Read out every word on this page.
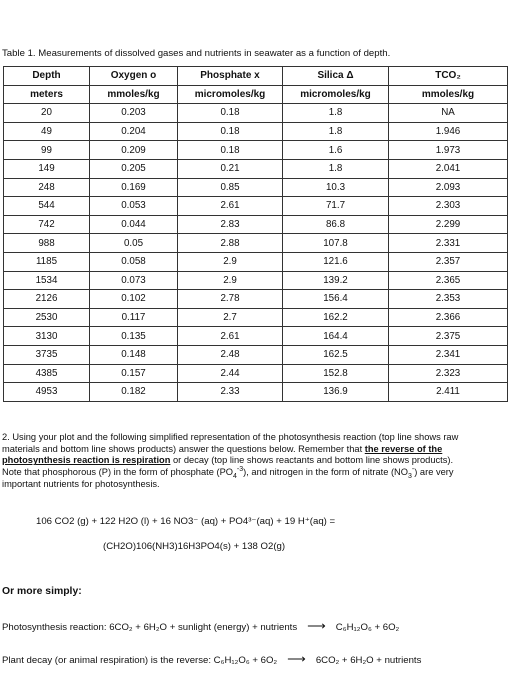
Table 1. Measurements of dissolved gases and nutrients in seawater as a function of depth.
Depth	Oxygen o	Phosphate x	Silica Δ	TCO₂
meters	mmoles/kg	micromoles/kg	micromoles/kg	mmoles/kg
20	0.203	0.18	1.8	NA
49	0.204	0.18	1.8	1.946
99	0.209	0.18	1.6	1.973
149	0.205	0.21	1.8	2.041
248	0.169	0.85	10.3	2.093
544	0.053	2.61	71.7	2.303
742	0.044	2.83	86.8	2.299
988	0.05	2.88	107.8	2.331
1185	0.058	2.9	121.6	2.357
1534	0.073	2.9	139.2	2.365
2126	0.102	2.78	156.4	2.353
2530	0.117	2.7	162.2	2.366
3130	0.135	2.61	164.4	2.375
3735	0.148	2.48	162.5	2.341
4385	0.157	2.44	152.8	2.323
4953	0.182	2.33	136.9	2.411
2. Using your plot and the following simplified representation of the photosynthesis reaction (top line shows raw materials and bottom line shows products) answer the questions below. Remember that the reverse of the photosynthesis reaction is respiration or decay (top line shows reactants and bottom line shows products). Note that phosphorous (P) in the form of phosphate $(PO_4^{-3})$, and nitrogen in the form of nitrate $(NO_3^-)$ are very important nutrients for photosynthesis.
106 CO2 (g) + 122 H2O (l) + 16 NO3⁻ (aq) + PO4³⁻(aq) + 19 H⁺(aq) =
(CH2O)106(NH3)16H3PO4(s) + 138 O2(g)
Or more simply:
Photosynthesis reaction: 6CO₂ + 6H₂O + sunlight (energy) + nutrients ⟶ C₆H₁₂O₆ + 6O₂
Plant decay (or animal respiration) is the reverse: C₆H₁₂O₆ + 6O₂ ⟶ 6CO₂ + 6H₂O + nutrients
